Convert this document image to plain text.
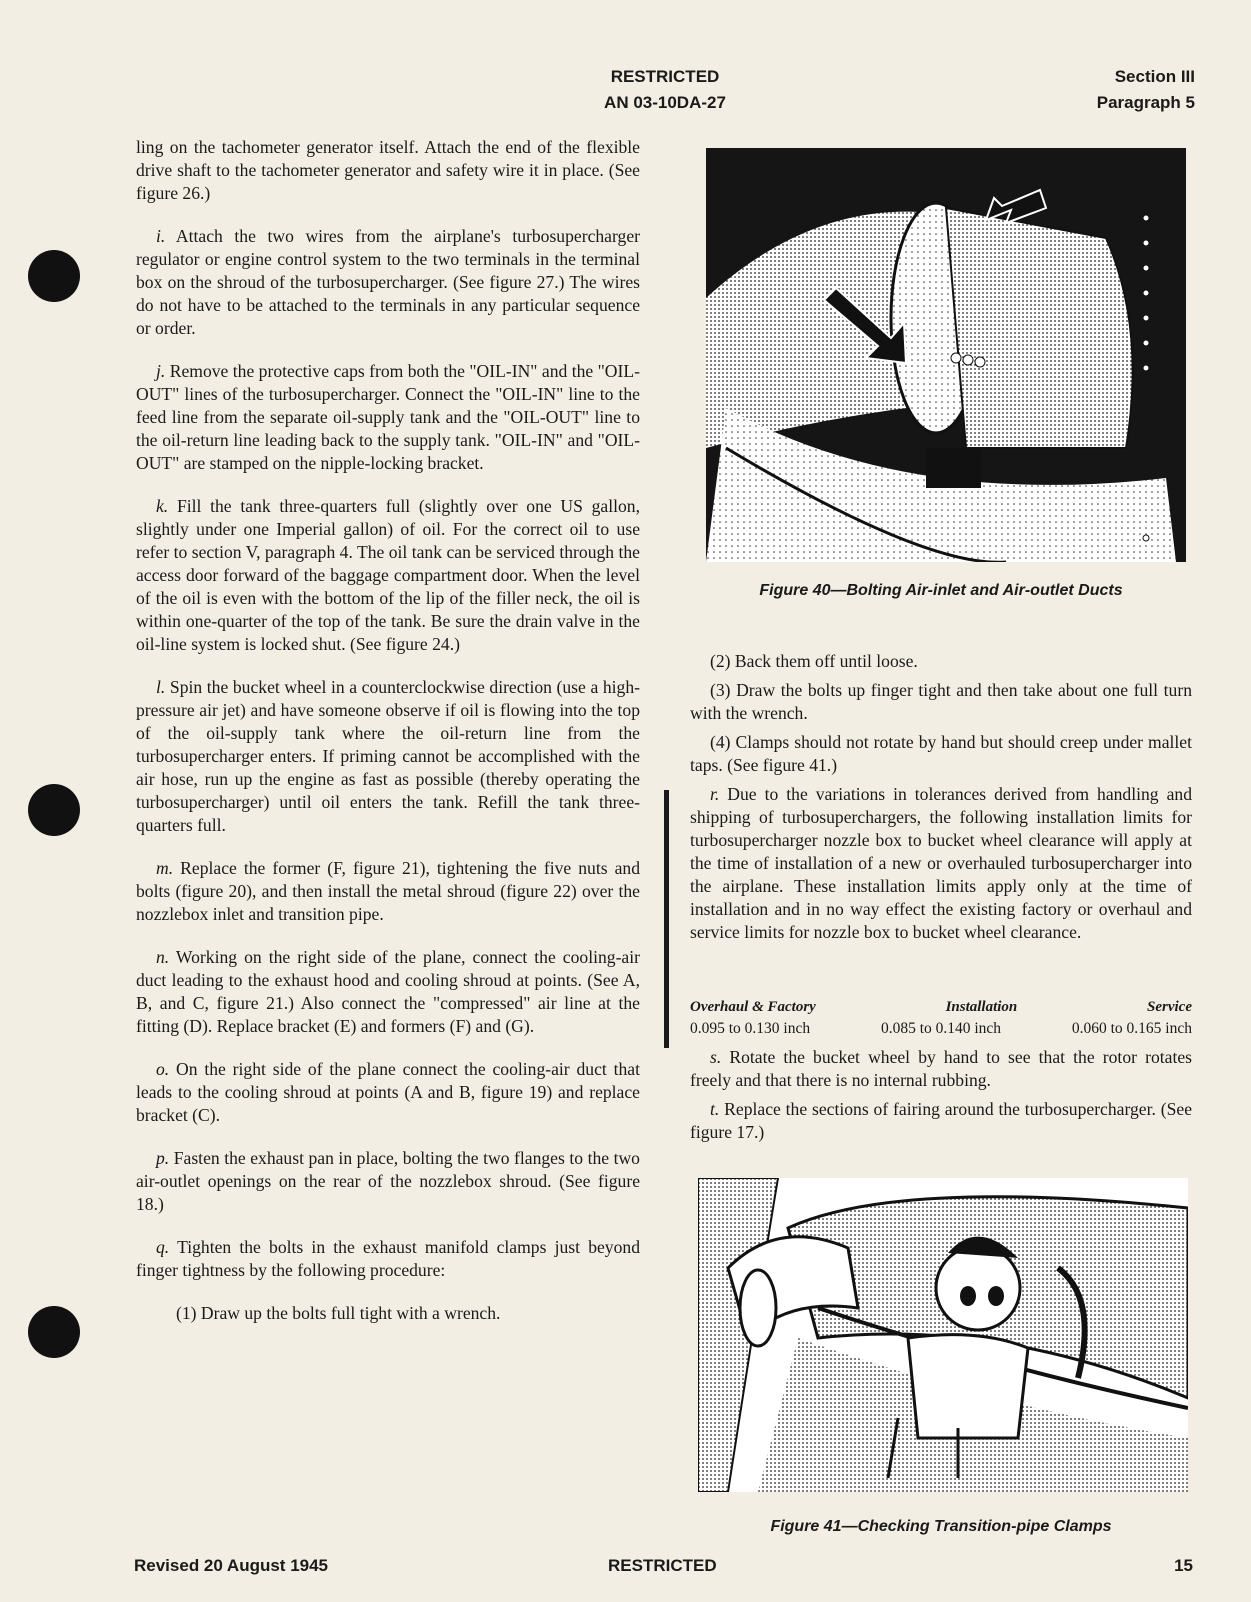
RESTRICTED
AN 03-10DA-27
Section III
Paragraph 5

ling on the tachometer generator itself. Attach the end of the flexible drive shaft to the tachometer generator and safety wire it in place. (See figure 26.)

i. Attach the two wires from the airplane's turbosupercharger regulator or engine control system to the two terminals in the terminal box on the shroud of the turbosupercharger. (See figure 27.) The wires do not have to be attached to the terminals in any particular sequence or order.

j. Remove the protective caps from both the "OIL-IN" and the "OIL-OUT" lines of the turbosupercharger. Connect the "OIL-IN" line to the feed line from the separate oil-supply tank and the "OIL-OUT" line to the oil-return line leading back to the supply tank. "OIL-IN" and "OIL-OUT" are stamped on the nipple-locking bracket.

k. Fill the tank three-quarters full (slightly over one US gallon, slightly under one Imperial gallon) of oil. For the correct oil to use refer to section V, paragraph 4. The oil tank can be serviced through the access door forward of the baggage compartment door. When the level of the oil is even with the bottom of the lip of the filler neck, the oil is within one-quarter of the top of the tank. Be sure the drain valve in the oil-line system is locked shut. (See figure 24.)

l. Spin the bucket wheel in a counterclockwise direction (use a high-pressure air jet) and have someone observe if oil is flowing into the top of the oil-supply tank where the oil-return line from the turbosupercharger enters. If priming cannot be accomplished with the air hose, run up the engine as fast as possible (thereby operating the turbosupercharger) until oil enters the tank. Refill the tank three-quarters full.

m. Replace the former (F, figure 21), tightening the five nuts and bolts (figure 20), and then install the metal shroud (figure 22) over the nozzlebox inlet and transition pipe.

n. Working on the right side of the plane, connect the cooling-air duct leading to the exhaust hood and cooling shroud at points. (See A, B, and C, figure 21.) Also connect the "compressed" air line at the fitting (D). Replace bracket (E) and formers (F) and (G).

o. On the right side of the plane connect the cooling-air duct that leads to the cooling shroud at points (A and B, figure 19) and replace bracket (C).

p. Fasten the exhaust pan in place, bolting the two flanges to the two air-outlet openings on the rear of the nozzlebox shroud. (See figure 18.)

q. Tighten the bolts in the exhaust manifold clamps just beyond finger tightness by the following procedure:

(1) Draw up the bolts full tight with a wrench.

Figure 40—Bolting Air-inlet and Air-outlet Ducts

(2) Back them off until loose.

(3) Draw the bolts up finger tight and then take about one full turn with the wrench.

(4) Clamps should not rotate by hand but should creep under mallet taps. (See figure 41.)

r. Due to the variations in tolerances derived from handling and shipping of turbosuperchargers, the following installation limits for turbosupercharger nozzle box to bucket wheel clearance will apply at the time of installation of a new or overhauled turbosupercharger into the airplane. These installation limits apply only at the time of installation and in no way effect the existing factory or overhaul and service limits for nozzle box to bucket wheel clearance.

Overhaul & Factory	Installation	Service
0.095 to 0.130 inch	0.085 to 0.140 inch	0.060 to 0.165 inch

s. Rotate the bucket wheel by hand to see that the rotor rotates freely and that there is no internal rubbing.

t. Replace the sections of fairing around the turbosupercharger. (See figure 17.)

Figure 41—Checking Transition-pipe Clamps
Revised 20 August 1945	RESTRICTED	15
